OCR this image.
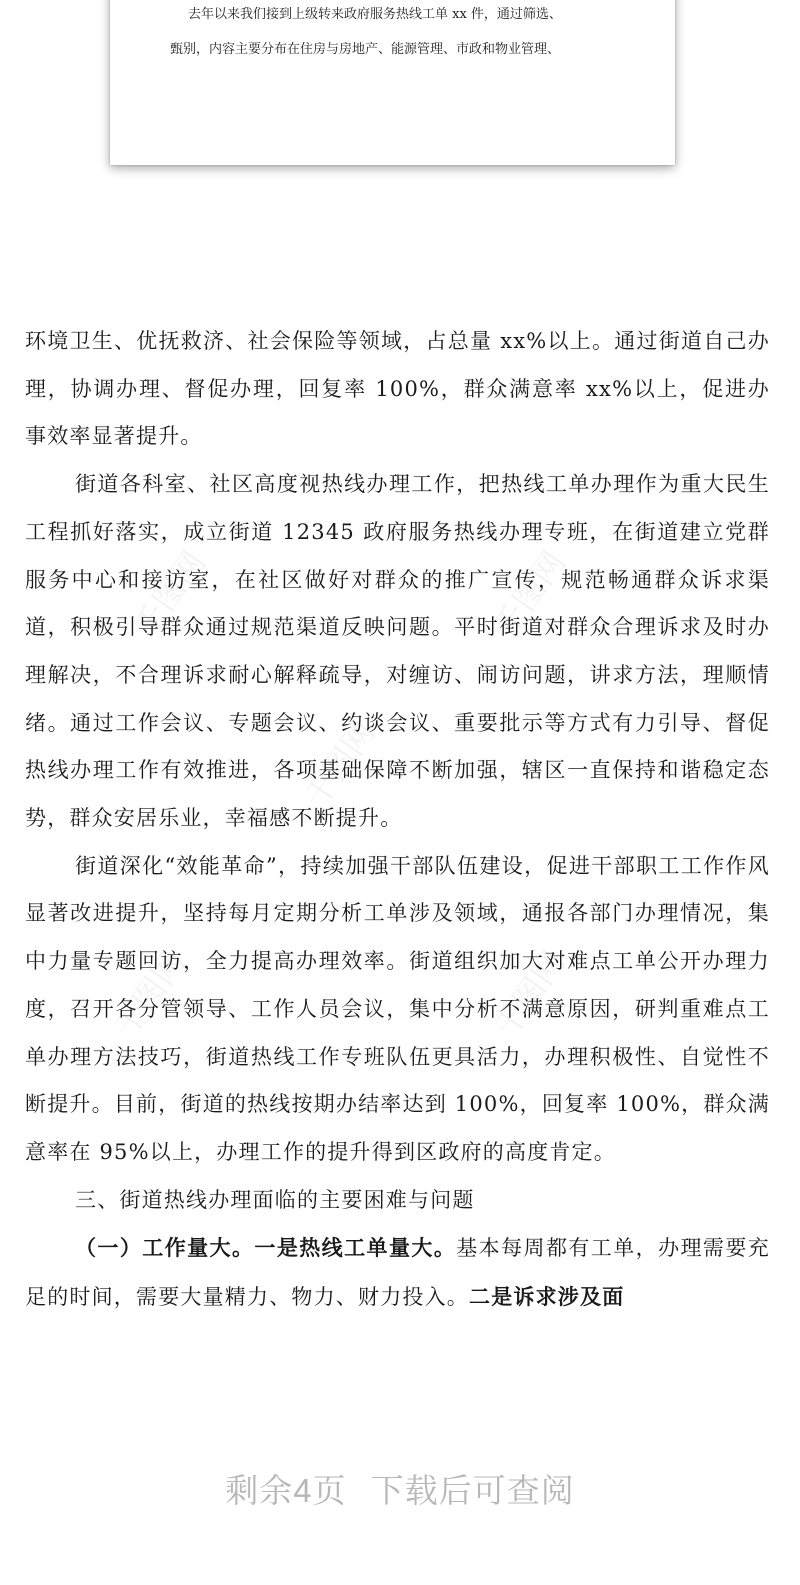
去年以来我们接到上级转来政府服务热线工单 xx 件，通过筛选、

甄别，内容主要分布在住房与房地产、能源管理、市政和物业管理、

环境卫生、优抚救济、社会保险等领域，占总量 xx%以上。通过街道自己办理，协调办理、督促办理，回复率 100%，群众满意率 xx%以上，促进办事效率显著提升。

街道各科室、社区高度视热线办理工作，把热线工单办理作为重大民生工程抓好落实，成立街道 12345 政府服务热线办理专班，在街道建立党群服务中心和接访室，在社区做好对群众的推广宣传，规范畅通群众诉求渠道，积极引导群众通过规范渠道反映问题。平时街道对群众合理诉求及时办理解决，不合理诉求耐心解释疏导，对缠访、闹访问题，讲求方法，理顺情绪。通过工作会议、专题会议、约谈会议、重要批示等方式有力引导、督促热线办理工作有效推进，各项基础保障不断加强，辖区一直保持和谐稳定态势，群众安居乐业，幸福感不断提升。

街道深化“效能革命”，持续加强干部队伍建设，促进干部职工工作作风显著改进提升，坚持每月定期分析工单涉及领域，通报各部门办理情况，集中力量专题回访，全力提高办理效率。街道组织加大对难点工单公开办理力度，召开各分管领导、工作人员会议，集中分析不满意原因，研判重难点工单办理方法技巧，街道热线工作专班队伍更具活力，办理积极性、自觉性不断提升。目前，街道的热线按期办结率达到 100%，回复率 100%，群众满意率在 95%以上，办理工作的提升得到区政府的高度肯定。

三、街道热线办理面临的主要困难与问题

（一）工作量大。一是热线工单量大。基本每周都有工单，办理需要充足的时间，需要大量精力、物力、财力投入。二是诉求涉及面

千图网	千图网
千图网
千图网	千图网
剩余4页 下载后可查阅
